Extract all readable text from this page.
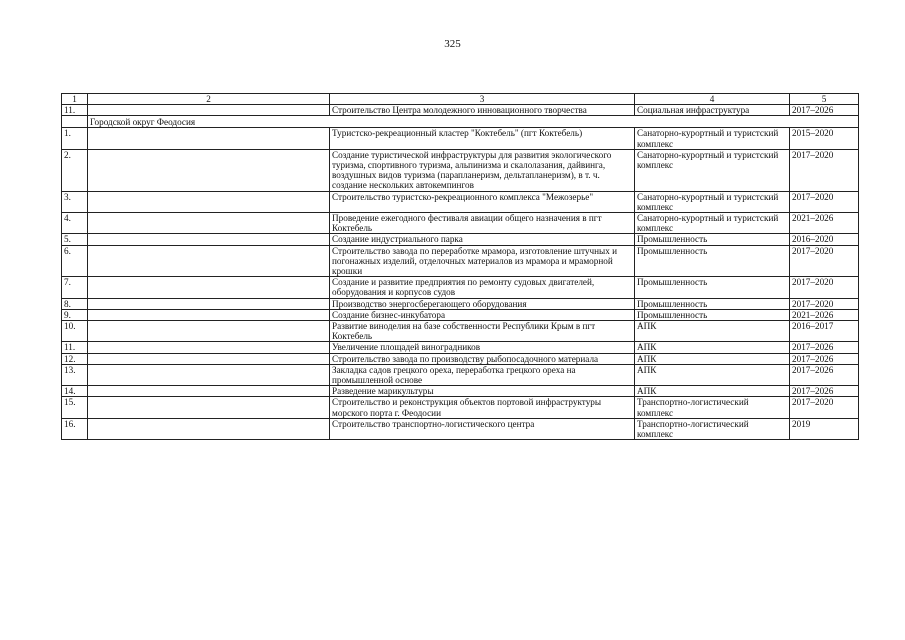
325
1	2	3	4	5
11.		Строительство Центра молодежного инновационного творчества	Социальная инфраструктура	2017–2026
	Городской округ Феодосия			
1.		Туристско-рекреационный кластер "Коктебель" (пгт Коктебель)	Санаторно-курортный и туристский комплекс	2015–2020
2.		Создание туристической инфраструктуры для развития экологического туризма, спортивного туризма, альпинизма и скалолазания, дайвинга, воздушных видов туризма (парапланеризм, дельтапланеризм), в т. ч. создание нескольких автокемпингов	Санаторно-курортный и туристский комплекс	2017–2020
3.		Строительство туристско-рекреационного комплекса "Межозерье"	Санаторно-курортный и туристский комплекс	2017–2020
4.		Проведение ежегодного фестиваля авиации общего назначения в пгт Коктебель	Санаторно-курортный и туристский комплекс	2021–2026
5.		Создание индустриального парка	Промышленность	2016–2020
6.		Строительство завода по переработке мрамора, изготовление штучных и погонажных изделий, отделочных материалов из мрамора и мраморной крошки	Промышленность	2017–2020
7.		Создание и развитие предприятия по ремонту судовых двигателей, оборудования и корпусов судов	Промышленность	2017–2020
8.		Производство энергосберегающего оборудования	Промышленность	2017–2020
9.		Создание бизнес-инкубатора	Промышленность	2021–2026
10.		Развитие виноделия на базе собственности Республики Крым в пгт Коктебель	АПК	2016–2017
11.		Увеличение площадей виноградников	АПК	2017–2026
12.		Строительство завода по производству рыбопосадочного материала	АПК	2017–2026
13.		Закладка садов грецкого ореха, переработка грецкого ореха на промышленной основе	АПК	2017–2026
14.		Разведение марикультуры	АПК	2017–2026
15.		Строительство и реконструкция объектов портовой инфраструктуры морского порта г. Феодосии	Транспортно-логистический комплекс	2017–2020
16.		Строительство транспортно-логистического центра	Транспортно-логистический комплекс	2019
